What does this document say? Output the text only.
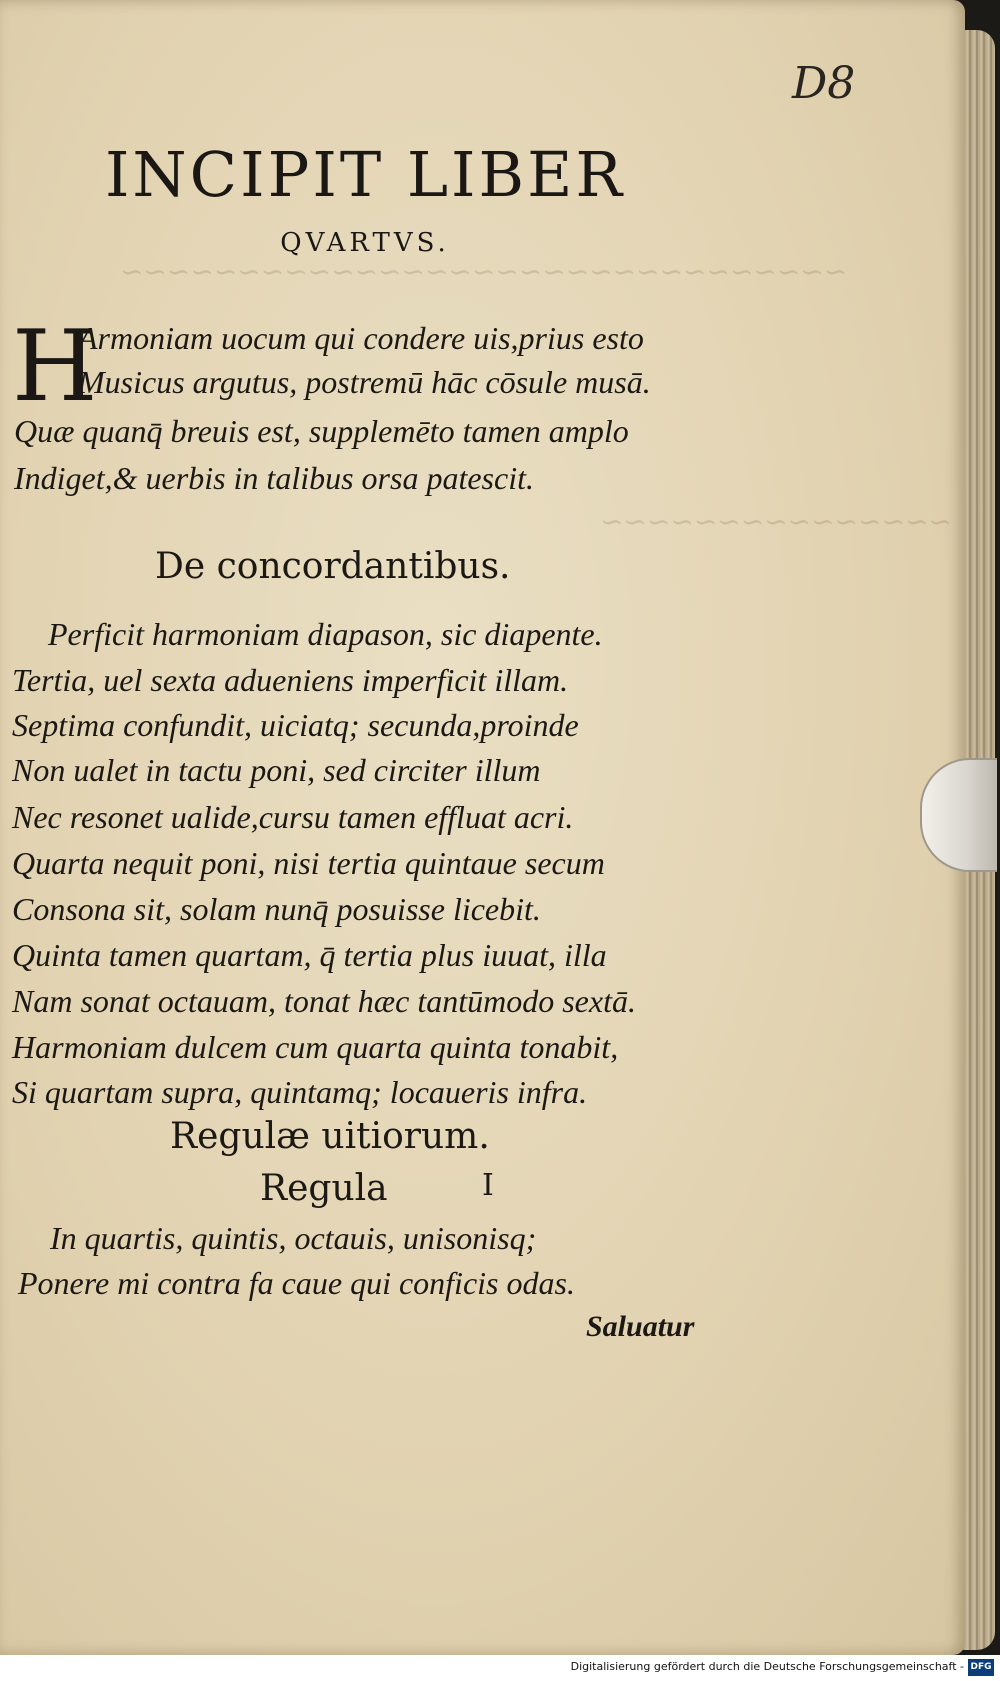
~~~~~~~~~~~~~~~~~~~~~~~~~~~~~~~
~~~~~~~~~~~~~~~
D8
INCIPIT LIBER
QVARTVS.
H
Armoniam uocum qui condere uis,prius esto
Musicus argutus, postremū hāc cōsule musā.
Quæ quanq̄ breuis est, supplemēto tamen amplo
Indiget,& uerbis in talibus orsa patescit.
De concordantibus.
Perficit harmoniam diapason, sic diapente.
Tertia, uel sexta adueniens imperficit illam.
Septima confundit, uiciatq; secunda,proinde
Non ualet in tactu poni, sed circiter illum
Nec resonet ualide,cursu tamen effluat acri.
Quarta nequit poni, nisi tertia quintaue secum
Consona sit, solam nunq̄ posuisse licebit.
Quinta tamen quartam, q̄ tertia plus iuuat, illa
Nam sonat octauam, tonat hæc tantūmodo sextā.
Harmoniam dulcem cum quarta quinta tonabit,
Si quartam supra, quintamq; locaueris infra.
Regulæ uitiorum.
Regula	I
In quartis, quintis, octauis, unisonisq;
Ponere mi contra fa caue qui conficis odas.
Saluatur
Digitalisierung gefördert durch die Deutsche Forschungsgemeinschaft - DFG
